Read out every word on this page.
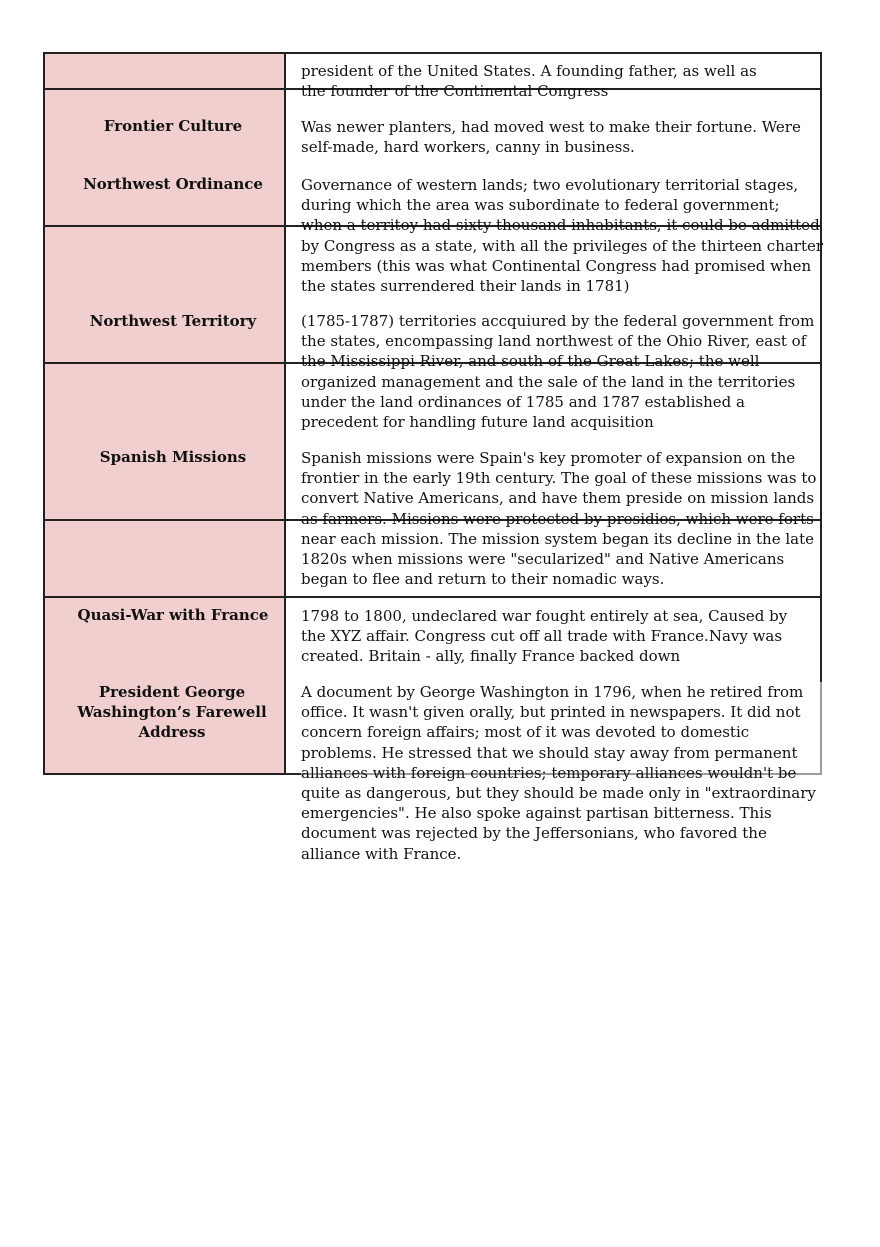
Frontier Culture
Northwest Ordinance
Northwest Territory
Spanish Missions
Quasi-War with France
President George Washington’s Farewell Address
president of the United States. A founding father, as well as the founder of the Continental Congress
Was newer planters, had moved west to make their fortune. Were self-made, hard workers, canny in business.
Governance of western lands; two evolutionary territorial stages, during which the area was subordinate to federal government; when a territoy had sixty thousand inhabitants, it could be admitted by Congress as a state, with all the privileges of the thirteen charter members (this was what Continental Congress had promised when the states surrendered their lands in 1781)
(1785-1787) territories accquiured by the federal government from the states, encompassing land northwest of the Ohio River, east of the Mississippi River, and south of the Great Lakes; the well organized management and the sale of the land in the territories under the land ordinances of 1785 and 1787 established a precedent for handling future land acquisition
Spanish missions were Spain's key promoter of expansion on the frontier in the early 19th century. The goal of these missions was to convert Native Americans, and have them preside on mission lands as farmers. Missions were protected by presidios, which were forts near each mission. The mission system began its decline in the late 1820s when missions were "secularized" and Native Americans began to flee and return to their nomadic ways.
1798 to 1800, undeclared war fought entirely at sea, Caused by the XYZ affair. Congress cut off all trade with France.Navy was created. Britain - ally, finally France backed down
A document by George Washington in 1796, when he retired from office. It wasn't given orally, but printed in newspapers. It did not concern foreign affairs; most of it was devoted to domestic problems. He stressed that we should stay away from permanent alliances with foreign countries; temporary alliances wouldn't be quite as dangerous, but they should be made only in "extraordinary emergencies". He also spoke against partisan bitterness. This document was rejected by the Jeffersonians, who favored the alliance with France.
